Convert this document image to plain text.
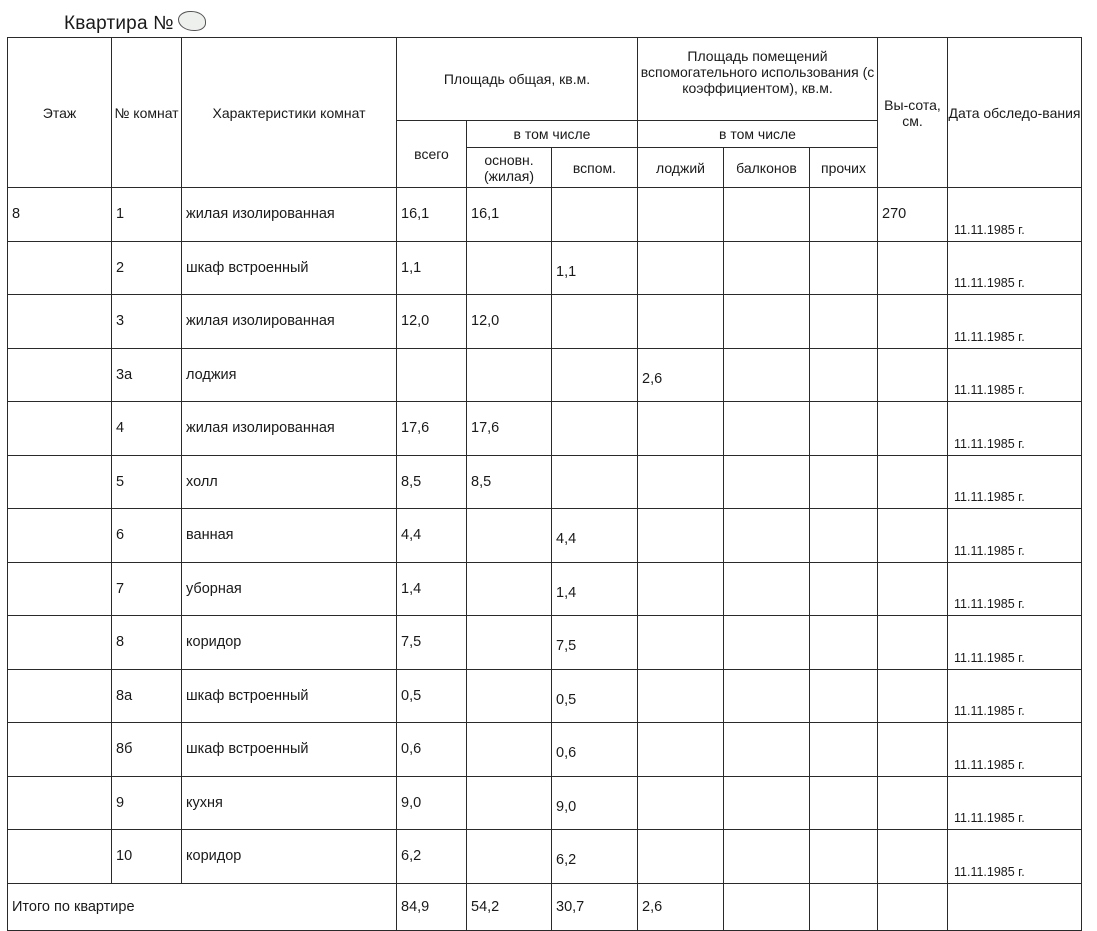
Квартира №
Этаж	№ комнат	Характеристики комнат	Площадь общая, кв.м.			Площадь помещений вспомогательного использования (с коэффициентом), кв.м.			Вы-сота, см.	Дата обследо-вания
			всего	в том числе		в том числе				
				основн. (жилая)	вспом.	лоджий	балконов	прочих		
8	1	жилая изолированная	16,1	16,1					270	11.11.1985 г.
	2	шкаф встроенный	1,1		1,1					11.11.1985 г.
	3	жилая изолированная	12,0	12,0						11.11.1985 г.
	3а	лоджия				2,6				11.11.1985 г.
	4	жилая изолированная	17,6	17,6						11.11.1985 г.
	5	холл	8,5	8,5						11.11.1985 г.
	6	ванная	4,4		4,4					11.11.1985 г.
	7	уборная	1,4		1,4					11.11.1985 г.
	8	коридор	7,5		7,5					11.11.1985 г.
	8а	шкаф встроенный	0,5		0,5					11.11.1985 г.
	8б	шкаф встроенный	0,6		0,6					11.11.1985 г.
	9	кухня	9,0		9,0					11.11.1985 г.
	10	коридор	6,2		6,2					11.11.1985 г.
Итого по квартире			84,9	54,2	30,7	2,6				
